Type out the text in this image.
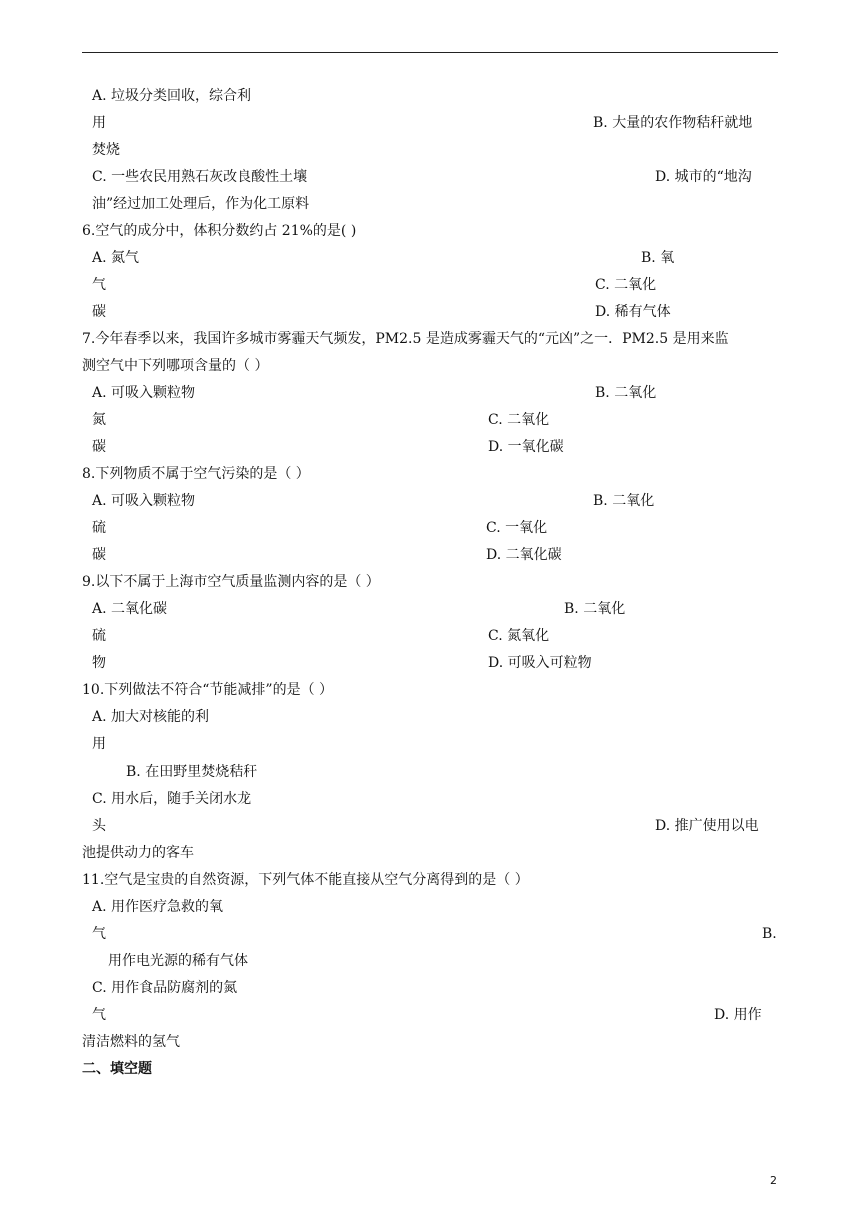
A. 垃圾分类回收，综合利
用	B. 大量的农作物秸秆就地
焚烧
C. 一些农民用熟石灰改良酸性土壤	D. 城市的“地沟
油”经过加工处理后，作为化工原料
6.空气的成分中，体积分数约占 21%的是( )
A. 氮气	B. 氧
气	C. 二氧化
碳	D. 稀有气体
7.今年春季以来，我国许多城市雾霾天气频发，PM2.5 是造成雾霾天气的“元凶”之一．PM2.5 是用来监
测空气中下列哪项含量的（ ）
A. 可吸入颗粒物	B. 二氧化
氮	C. 二氧化
碳	D. 一氧化碳
8.下列物质不属于空气污染的是（ ）
A. 可吸入颗粒物	B. 二氧化
硫	C. 一氧化
碳	D. 二氧化碳
9.以下不属于上海市空气质量监测内容的是（ ）
A. 二氧化碳	B. 二氧化
硫	C. 氮氧化
物	D. 可吸入可粒物
10.下列做法不符合“节能减排”的是（ ）
A. 加大对核能的利
用
B. 在田野里焚烧秸秆
C. 用水后，随手关闭水龙
头	D. 推广使用以电
池提供动力的客车
11.空气是宝贵的自然资源，下列气体不能直接从空气分离得到的是（ ）
A. 用作医疗急救的氧
气	B.
用作电光源的稀有气体
C. 用作食品防腐剂的氮
气	D. 用作
清洁燃料的氢气
二、填空题
2
